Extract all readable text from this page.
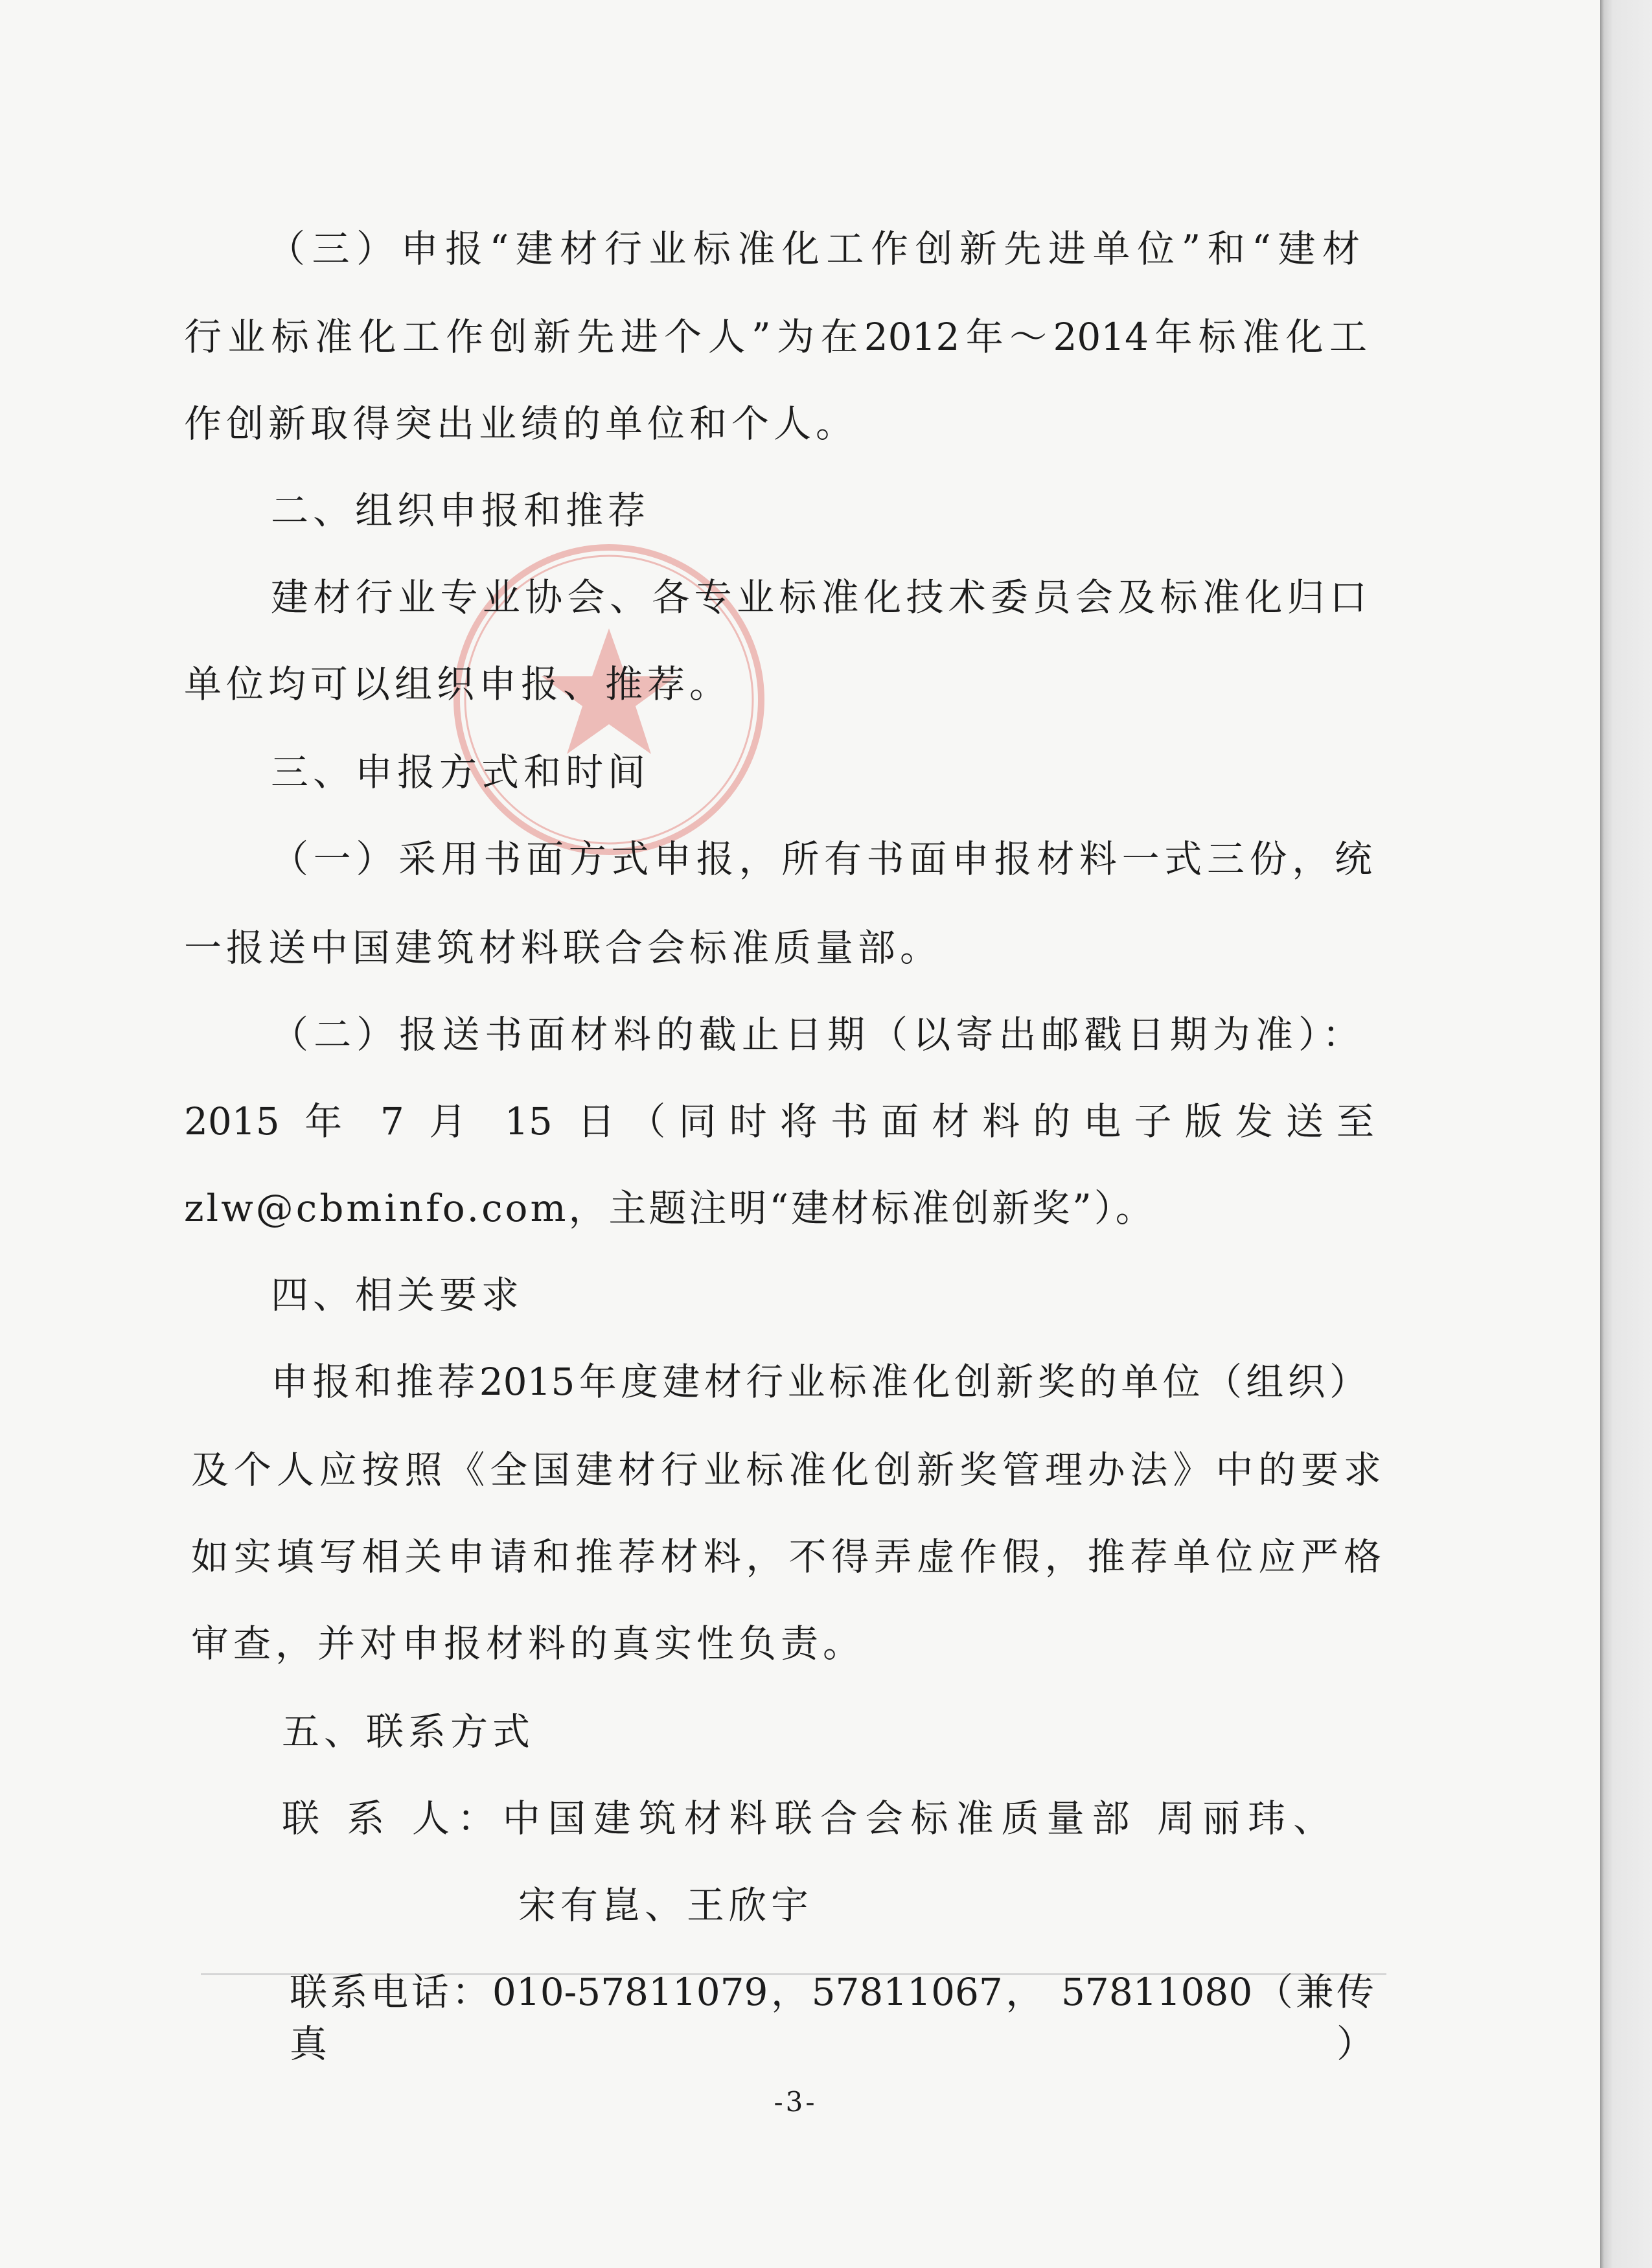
（三）申报“建材行业标准化工作创新先进单位”和“建材
行业标准化工作创新先进个人”为在2012年～2014年标准化工
作创新取得突出业绩的单位和个人。
二、组织申报和推荐
建材行业专业协会、各专业标准化技术委员会及标准化归口
单位均可以组织申报、推荐。
三、申报方式和时间
（一）采用书面方式申报，所有书面申报材料一式三份，统
一报送中国建筑材料联合会标准质量部。
（二）报送书面材料的截止日期（以寄出邮戳日期为准）：
2015 年 7 月 15 日（同时将书面材料的电子版发送至
zlw@cbminfo.com，主题注明“建材标准创新奖”）。
四、相关要求
申报和推荐2015年度建材行业标准化创新奖的单位（组织）
及个人应按照《全国建材行业标准化创新奖管理办法》中的要求
如实填写相关申请和推荐材料，不得弄虚作假，推荐单位应严格
审查，并对申报材料的真实性负责。
五、联系方式
联 系 人：中国建筑材料联合会标准质量部 周丽玮、
宋有崑、王欣宇
联系电话：010-57811079，57811067， 57811080（兼传真）
-3-
